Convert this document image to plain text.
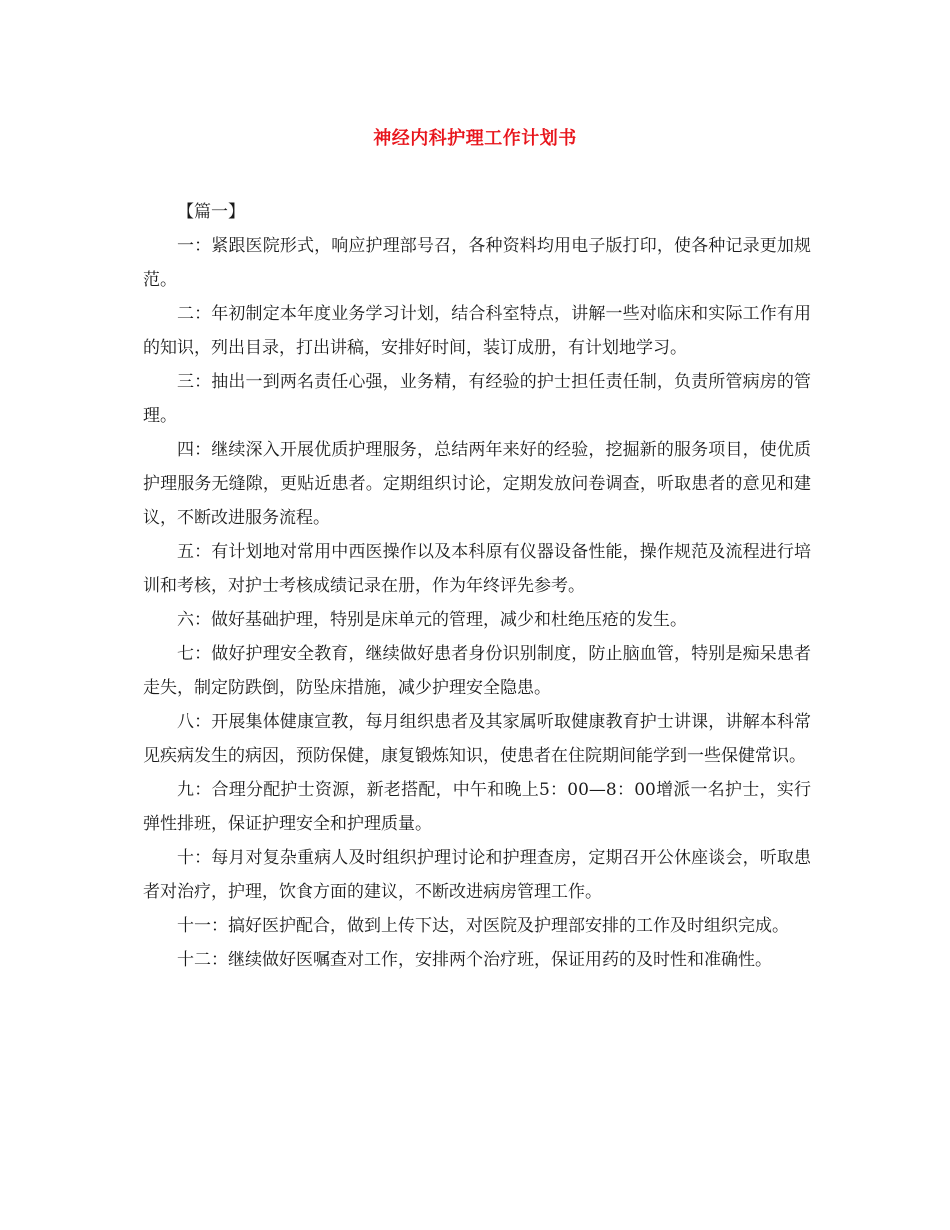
神经内科护理工作计划书

【篇一】

一：紧跟医院形式，响应护理部号召，各种资料均用电子版打印，使各种记录更加规范。

二：年初制定本年度业务学习计划，结合科室特点，讲解一些对临床和实际工作有用的知识，列出目录，打出讲稿，安排好时间，装订成册，有计划地学习。

三：抽出一到两名责任心强，业务精，有经验的护士担任责任制，负责所管病房的管理。

四：继续深入开展优质护理服务，总结两年来好的经验，挖掘新的服务项目，使优质护理服务无缝隙，更贴近患者。定期组织讨论，定期发放问卷调查，听取患者的意见和建议，不断改进服务流程。

五：有计划地对常用中西医操作以及本科原有仪器设备性能，操作规范及流程进行培训和考核，对护士考核成绩记录在册，作为年终评先参考。

六：做好基础护理，特别是床单元的管理，减少和杜绝压疮的发生。

七：做好护理安全教育，继续做好患者身份识别制度，防止脑血管，特别是痴呆患者走失，制定防跌倒，防坠床措施，减少护理安全隐患。

八：开展集体健康宣教，每月组织患者及其家属听取健康教育护士讲课，讲解本科常见疾病发生的病因，预防保健，康复锻炼知识，使患者在住院期间能学到一些保健常识。

九：合理分配护士资源，新老搭配，中午和晚上5：00—8：00增派一名护士，实行弹性排班，保证护理安全和护理质量。

十：每月对复杂重病人及时组织护理讨论和护理查房，定期召开公休座谈会，听取患者对治疗，护理，饮食方面的建议，不断改进病房管理工作。

十一：搞好医护配合，做到上传下达，对医院及护理部安排的工作及时组织完成。

十二：继续做好医嘱查对工作，安排两个治疗班，保证用药的及时性和准确性。
